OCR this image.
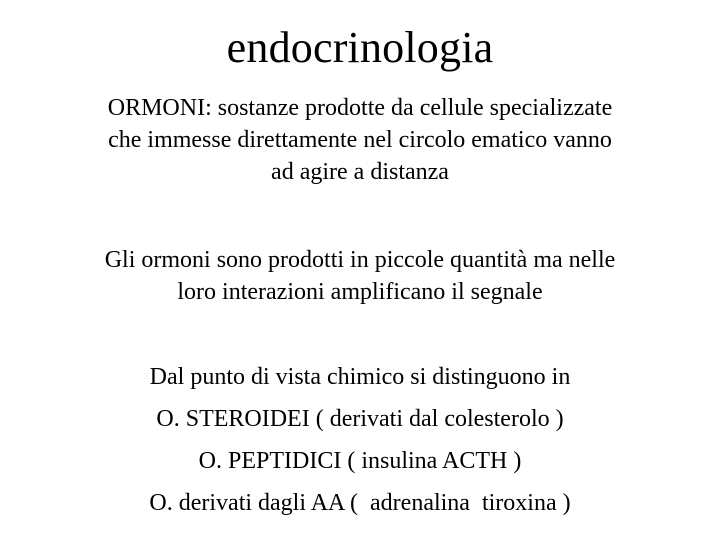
endocrinologia
ORMONI: sostanze prodotte da cellule specializzate
che immesse direttamente nel circolo ematico vanno
ad agire a distanza
Gli ormoni sono prodotti in piccole quantità ma nelle
loro interazioni amplificano il segnale
Dal punto di vista chimico si distinguono in
O. STEROIDEI ( derivati dal colesterolo )
O. PEPTIDICI ( insulina ACTH )
O. derivati dagli AA (  adrenalina  tiroxina )
